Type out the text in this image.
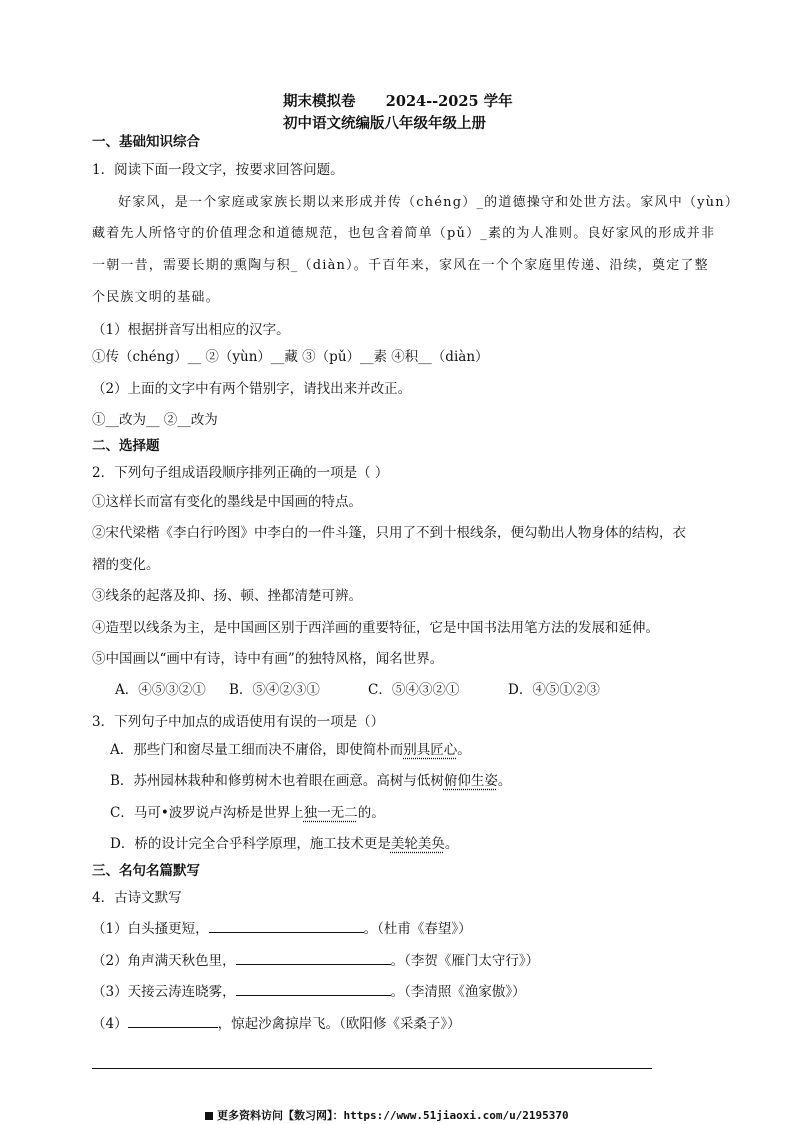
期末模拟卷      2024--2025 学年
初中语文统编版八年级年级上册
一、基础知识综合
1．阅读下面一段文字，按要求回答问题。
好家风，是一个家庭或家族长期以来形成并传（chéng）_的道德操守和处世方法。家风中（yùn）
藏着先人所恪守的价值理念和道德规范，也包含着简单（pǔ）_素的为人准则。良好家风的形成并非
一朝一昔，需要长期的熏陶与积_（diàn）。千百年来，家风在一个个家庭里传递、沿续，奠定了整
个民族文明的基础。
（1）根据拼音写出相应的汉字。
①传（chéng）__ ②（yùn）__藏 ③（pǔ）__素 ④积__（diàn）
（2）上面的文字中有两个错别字，请找出来并改正。
①__改为__ ②__改为
二、选择题
2．下列句子组成语段顺序排列正确的一项是（ ）
①这样长而富有变化的墨线是中国画的特点。
②宋代梁楷《李白行吟图》中李白的一件斗篷，只用了不到十根线条，便勾勒出人物身体的结构，衣
褶的变化。
③线条的起落及抑、扬、顿、挫都清楚可辨。
④造型以线条为主，是中国画区别于西洋画的重要特征，它是中国书法用笔方法的发展和延伸。
⑤中国画以“画中有诗，诗中有画”的独特风格，闻名世界。
A．④⑤③②① B．⑤④②③①	C．⑤④③②①	D．④⑤①②③
3．下列句子中加点的成语使用有误的一项是（）
A．那些门和窗尽量工细而决不庸俗，即使简朴而别具匠心。
B．苏州园林栽种和修剪树木也着眼在画意。高树与低树俯仰生姿。
C．马可•波罗说卢沟桥是世界上独一无二的。
D．桥的设计完全合乎科学原理，施工技术更是美轮美奂。
三、名句名篇默写
4．古诗文默写
（1）白头搔更短，	。（杜甫《春望》）
（2）角声满天秋色里，	。（李贺《雁门太守行》）
（3）天接云涛连晓雾，	。（李清照《渔家傲》）
（4）	，惊起沙禽掠岸飞。（欧阳修《采桑子》）
更多资料访问【数习网】：https://www.51jiaoxi.com/u/2195370
